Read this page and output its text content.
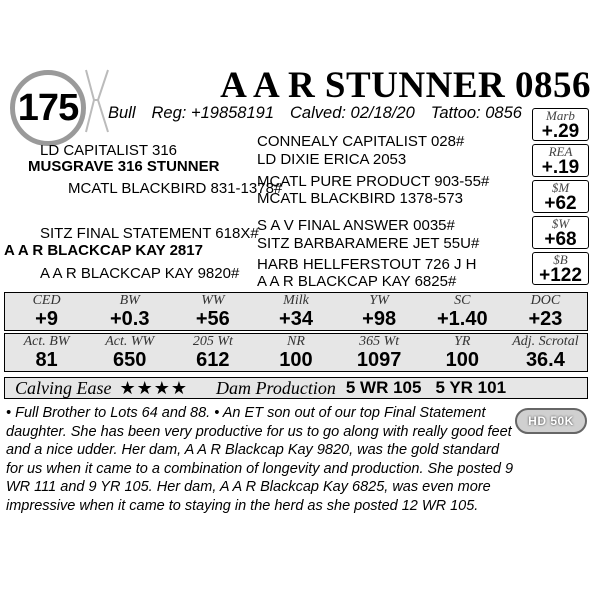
175
A A R STUNNER 0856
Bull Reg: +19858191 Calved: 02/18/20 Tattoo: 0856
LD CAPITALIST 316
MUSGRAVE 316 STUNNER
MCATL BLACKBIRD 831-1378#
CONNEALY CAPITALIST 028#
LD DIXIE ERICA 2053
MCATL PURE PRODUCT 903-55#
MCATL BLACKBIRD 1378-573
SITZ FINAL STATEMENT 618X#
A A R BLACKCAP KAY 2817
A A R BLACKCAP KAY 9820#
S A V FINAL ANSWER 0035#
SITZ BARBARAMERE JET 55U#
HARB HELLFERSTOUT 726 J H
A A R BLACKCAP KAY 6825#
Marb
+.29
REA
+.19
$M
+62
$W
+68
$B
+122
CED	BW	WW	Milk	YW	SC	DOC
+9	+0.3	+56	+34	+98	+1.40	+23
Act. BW	Act. WW	205 Wt	NR	365 Wt	YR	Adj. Scrotal
81	650	612	100	1097	100	36.4
Calving Ease ★★★★ Dam Production 5 WR 105 5 YR 101
• Full Brother to Lots 64 and 88. • An ET son out of our top Final Statement daughter. She has been very productive for us to go along with really good feet and a nice udder. Her dam, A A R Blackcap Kay 9820, was the gold standard for us when it came to a combination of longevity and production. She posted 9 WR 111 and 9 YR 105. Her dam, A A R Blackcap Kay 6825, was even more impressive when it came to staying in the herd as she posted 12 WR 105.
HD 50K
